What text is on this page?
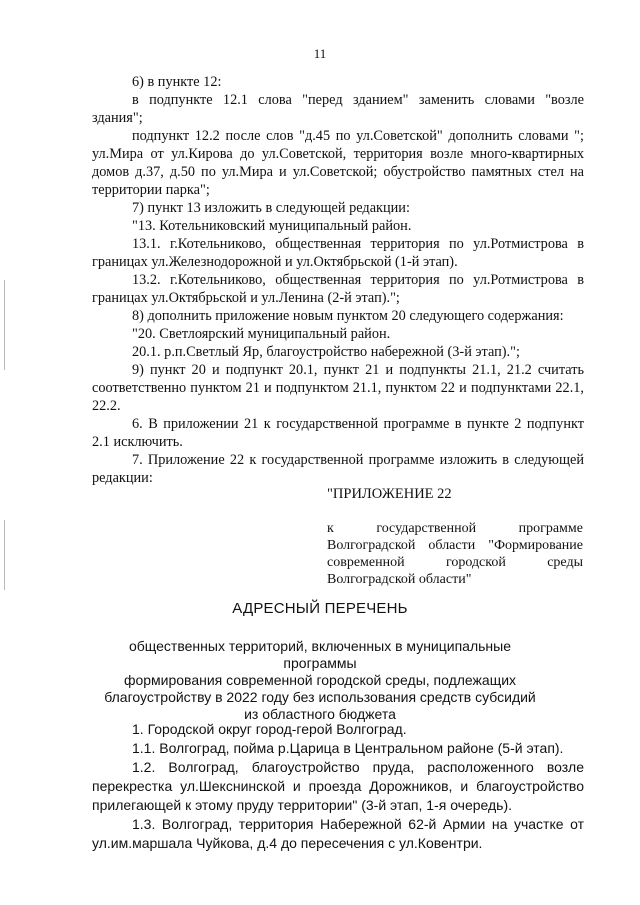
11

6) в пункте 12:

в подпункте 12.1 слова "перед зданием" заменить словами "возле здания";

подпункт 12.2 после слов "д.45 по ул.Советской" дополнить словами "; ул.Мира от ул.Кирова до ул.Советской, территория возле много-квартирных домов д.37, д.50 по ул.Мира и ул.Советской; обустройство памятных стел на территории парка";

7) пункт 13 изложить в следующей редакции:

"13. Котельниковский муниципальный район.

13.1. г.Котельниково, общественная территория по ул.Ротмистрова в границах ул.Железнодорожной и ул.Октябрьской (1-й этап).

13.2. г.Котельниково, общественная территория по ул.Ротмистрова в границах ул.Октябрьской и ул.Ленина (2-й этап).";

8) дополнить приложение новым пунктом 20 следующего содержания:

"20. Светлоярский муниципальный район.

20.1. р.п.Светлый Яр, благоустройство набережной (3-й этап).";

9) пункт 20 и подпункт 20.1, пункт 21 и подпункты 21.1, 21.2 считать соответственно пунктом 21 и подпунктом 21.1, пунктом 22 и подпунктами 22.1, 22.2.

6. В приложении 21 к государственной программе в пункте 2 подпункт 2.1 исключить.

7. Приложение 22 к государственной программе изложить в следующей редакции:

"ПРИЛОЖЕНИЕ 22
к государственной программе
Волгоградской области "Формирование
современной городской среды
Волгоградской области"
АДРЕСНЫЙ ПЕРЕЧЕНЬ
общественных территорий, включенных в муниципальные программы
формирования современной городской среды, подлежащих
благоустройству в 2022 году без использования средств субсидий
из областного бюджета

1. Городской округ город-герой Волгоград.

1.1. Волгоград, пойма р.Царица в Центральном районе (5-й этап).

1.2. Волгоград, благоустройство пруда, расположенного возле перекрестка ул.Шекснинской и проезда Дорожников, и благоустройство прилегающей к этому пруду территории" (3-й этап, 1-я очередь).

1.3. Волгоград, территория Набережной 62-й Армии на участке от ул.им.маршала Чуйкова, д.4 до пересечения с ул.Ковентри.
